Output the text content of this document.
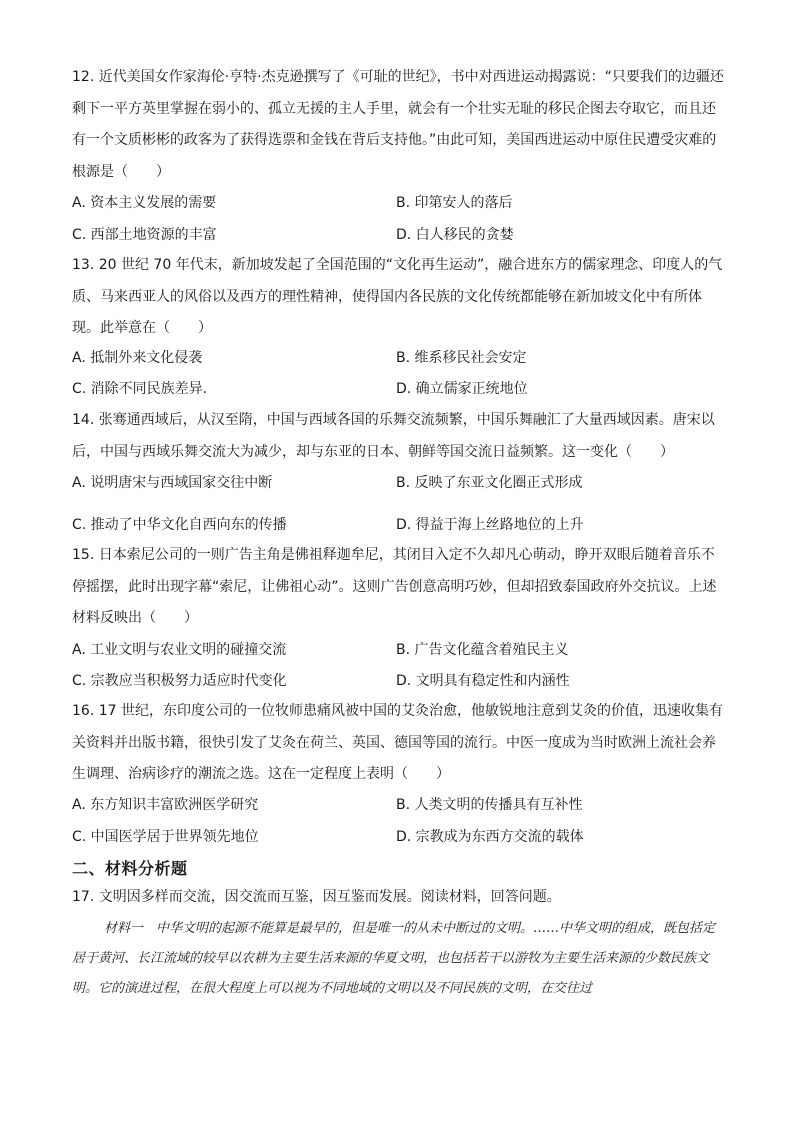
12. 近代美国女作家海伦·亨特·杰克逊撰写了《可耻的世纪》，书中对西进运动揭露说：“只要我们的边疆还剩下一平方英里掌握在弱小的、孤立无援的主人手里，就会有一个壮实无耻的移民企图去夺取它，而且还有一个文质彬彬的政客为了获得选票和金钱在背后支持他。”由此可知，美国西进运动中原住民遭受灾难的根源是（　　）
A. 资本主义发展的需要	B. 印第安人的落后
C. 西部土地资源的丰富	D. 白人移民的贪婪
13. 20 世纪 70 年代末，新加坡发起了全国范围的“文化再生运动”，融合进东方的儒家理念、印度人的气质、马来西亚人的风俗以及西方的理性精神，使得国内各民族的文化传统都能够在新加坡文化中有所体现。此举意在（　　）
A. 抵制外来文化侵袭	B. 维系移民社会安定
C. 消除不同民族差异.	D. 确立儒家正统地位
14. 张骞通西域后，从汉至隋，中国与西域各国的乐舞交流频繁，中国乐舞融汇了大量西域因素。唐宋以后，中国与西域乐舞交流大为减少，却与东亚的日本、朝鲜等国交流日益频繁。这一变化（　　）
A. 说明唐宋与西域国家交往中断	B. 反映了东亚文化圈正式形成
C. 推动了中华文化自西向东的传播	D. 得益于海上丝路地位的上升
15. 日本索尼公司的一则广告主角是佛祖释迦牟尼，其闭目入定不久却凡心萌动，睁开双眼后随着音乐不停摇摆，此时出现字幕“索尼，让佛祖心动”。这则广告创意高明巧妙，但却招致泰国政府外交抗议。上述材料反映出（　　）
A. 工业文明与农业文明的碰撞交流	B. 广告文化蕴含着殖民主义
C. 宗教应当积极努力适应时代变化	D. 文明具有稳定性和内涵性
16. 17 世纪，东印度公司的一位牧师患痛风被中国的艾灸治愈，他敏锐地注意到艾灸的价值，迅速收集有关资料并出版书籍，很快引发了艾灸在荷兰、英国、德国等国的流行。中医一度成为当时欧洲上流社会养生调理、治病诊疗的潮流之选。这在一定程度上表明（　　）
A. 东方知识丰富欧洲医学研究	B. 人类文明的传播具有互补性
C. 中国医学居于世界领先地位	D. 宗教成为东西方交流的载体
二、材料分析题
17. 文明因多样而交流，因交流而互鉴，因互鉴而发展。阅读材料，回答问题。
材料一　中华文明的起源不能算是最早的，但是唯一的从未中断过的文明。……中华文明的组成，既包括定居于黄河、长江流域的较早以农耕为主要生活来源的华夏文明，也包括若干以游牧为主要生活来源的少数民族文明。它的演进过程，在很大程度上可以视为不同地域的文明以及不同民族的文明，在交往过
